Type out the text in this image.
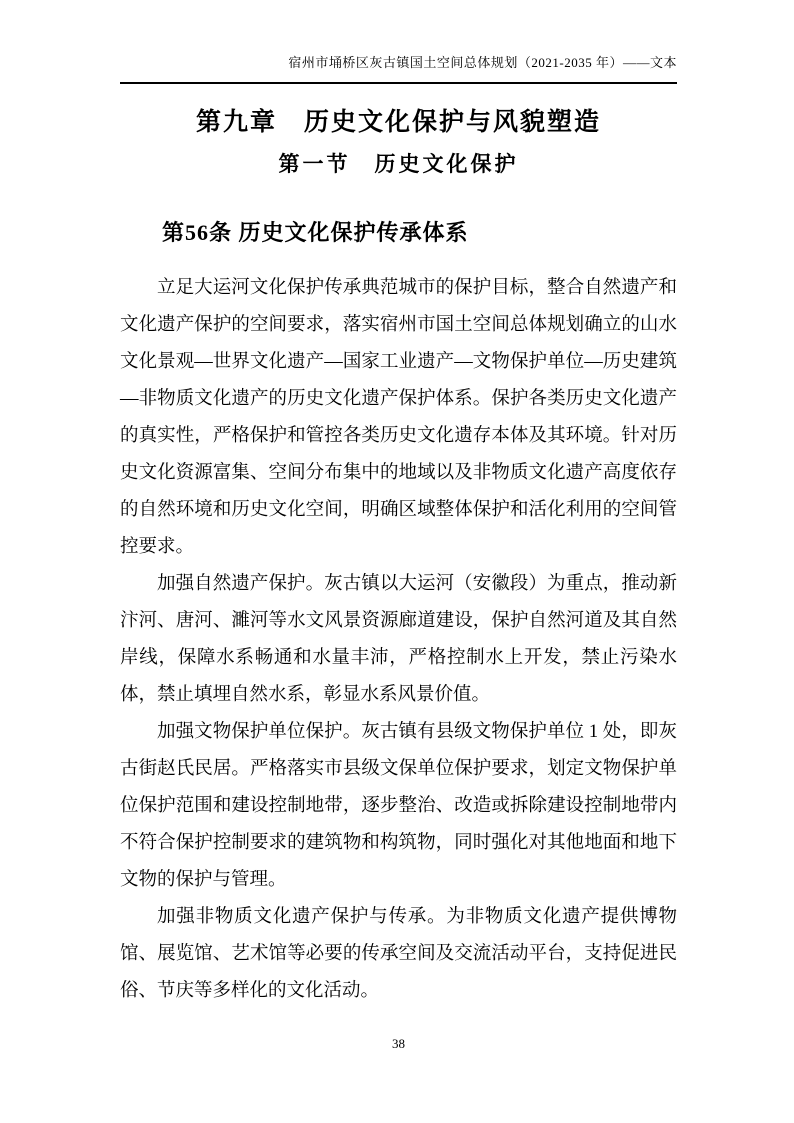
宿州市埇桥区灰古镇国土空间总体规划（2021-2035 年）——文本
第九章　历史文化保护与风貌塑造
第一节　历史文化保护
第56条 历史文化保护传承体系

立足大运河文化保护传承典范城市的保护目标，整合自然遗产和文化遗产保护的空间要求，落实宿州市国土空间总体规划确立的山水文化景观—世界文化遗产—国家工业遗产—文物保护单位—历史建筑—非物质文化遗产的历史文化遗产保护体系。保护各类历史文化遗产的真实性，严格保护和管控各类历史文化遗存本体及其环境。针对历史文化资源富集、空间分布集中的地域以及非物质文化遗产高度依存的自然环境和历史文化空间，明确区域整体保护和活化利用的空间管控要求。

加强自然遗产保护。灰古镇以大运河（安徽段）为重点，推动新汴河、唐河、濉河等水文风景资源廊道建设，保护自然河道及其自然岸线，保障水系畅通和水量丰沛，严格控制水上开发，禁止污染水体，禁止填埋自然水系，彰显水系风景价值。

加强文物保护单位保护。灰古镇有县级文物保护单位 1 处，即灰古街赵氏民居。严格落实市县级文保单位保护要求，划定文物保护单位保护范围和建设控制地带，逐步整治、改造或拆除建设控制地带内不符合保护控制要求的建筑物和构筑物，同时强化对其他地面和地下文物的保护与管理。

加强非物质文化遗产保护与传承。为非物质文化遗产提供博物馆、展览馆、艺术馆等必要的传承空间及交流活动平台，支持促进民俗、节庆等多样化的文化活动。

38
